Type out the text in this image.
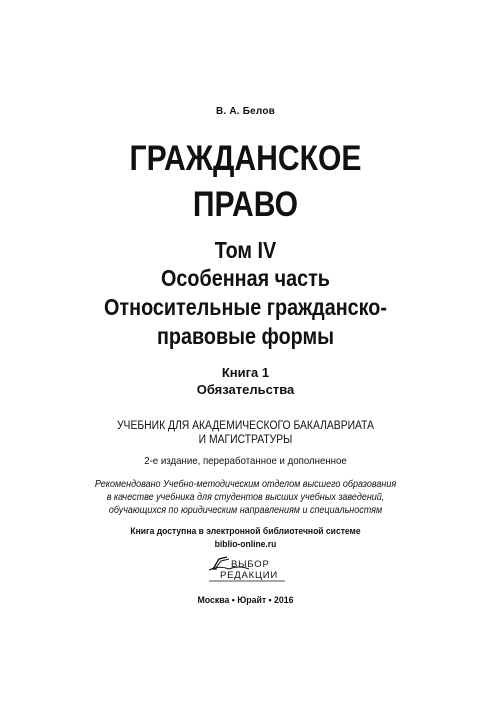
В. А. Белов
ГРАЖДАНСКОЕ
ПРАВО
Том IV
Особенная часть
Относительные гражданско-
правовые формы
Книга 1
Обязательства
УЧЕБНИК ДЛЯ АКАДЕМИЧЕСКОГО БАКАЛАВРИАТА
И МАГИСТРАТУРЫ
2-е издание, переработанное и дополненное
Рекомендовано Учебно-методическим отделом высшего образования
в качестве учебника для студентов высших учебных заведений,
обучающихся по юридическим направлениям и специальностям
Книга доступна в электронной библиотечной системе
biblio-online.ru
ВЫБОР
РЕДАКЦИИ
Москва • Юрайт • 2016
